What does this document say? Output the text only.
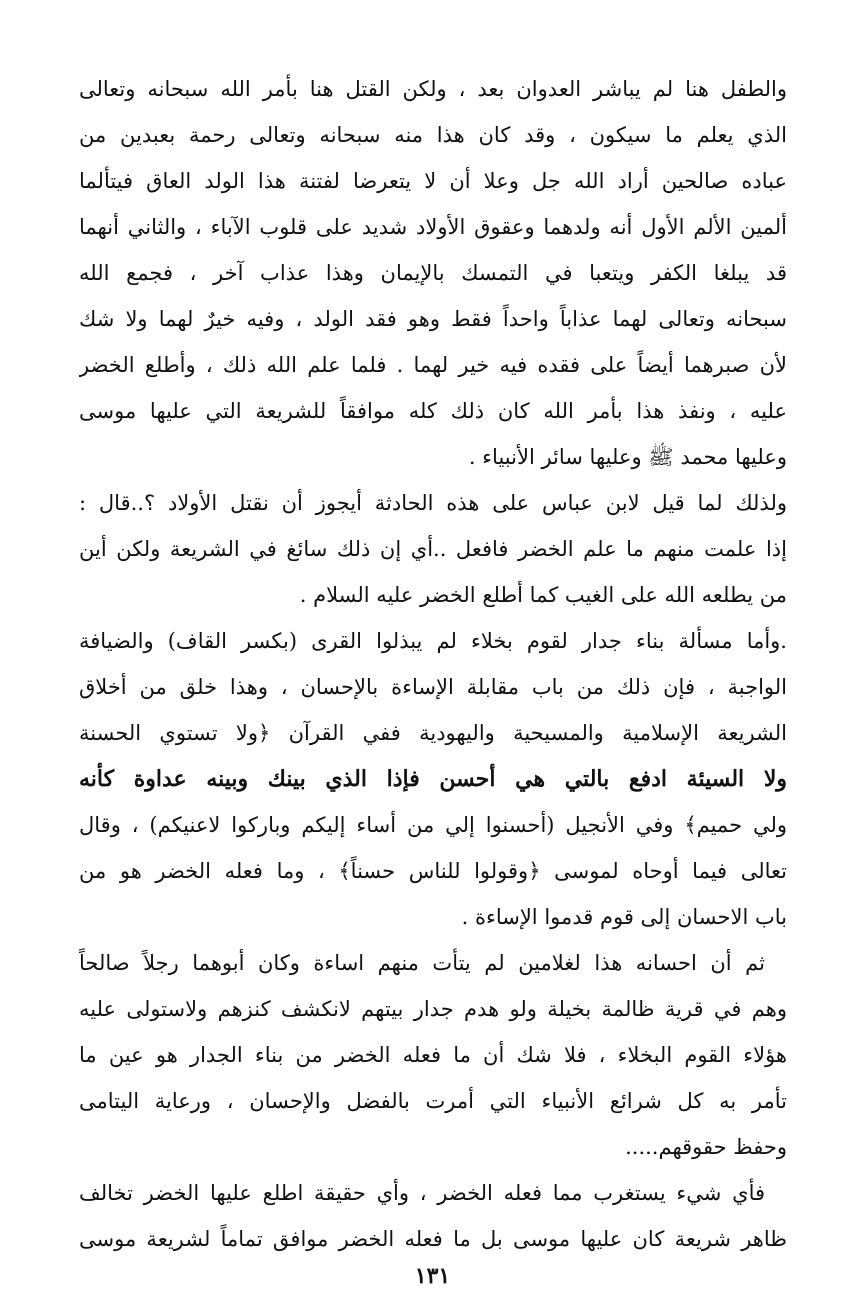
والطفل هنا لم يباشر العدوان بعد ، ولكن القتل هنا بأمر الله سبحانه وتعالى
الذي يعلم ما سيكون ، وقد كان هذا منه سبحانه وتعالى رحمة بعبدين من
عباده صالحين أراد الله جل وعلا أن لا يتعرضا لفتنة هذا الولد العاق فيتألما
ألمين الألم الأول أنه ولدهما وعقوق الأولاد شديد على قلوب الآباء ، والثاني أنهما
قد يبلغا الكفر ويتعبا في التمسك بالإيمان وهذا عذاب آخر ، فجمع الله
سبحانه وتعالى لهما عذاباً واحداً فقط وهو فقد الولد ، وفيه خيرٌ لهما ولا شك
لأن صبرهما أيضاً على فقده فيه خير لهما . فلما علم الله ذلك ، وأطلع الخضر
عليه ، ونفذ هذا بأمر الله كان ذلك كله موافقاً للشريعة التي عليها موسى
وعليها محمد ﷺ وعليها سائر الأنبياء .
ولذلك لما قيل لابن عباس على هذه الحادثة أيجوز أن نقتل الأولاد ؟..قال :
إذا علمت منهم ما علم الخضر فافعل ..أي إن ذلك سائغ في الشريعة ولكن أين
من يطلعه الله على الغيب كما أطلع الخضر عليه السلام .
.وأما مسألة بناء جدار لقوم بخلاء لم يبذلوا القرى (بكسر القاف) والضيافة
الواجبة ، فإن ذلك من باب مقابلة الإساءة بالإحسان ، وهذا خلق من أخلاق
الشريعة الإسلامية والمسيحية واليهودية ففي القرآن ﴿ولا تستوي الحسنة
ولا السيئة ادفع بالتي هي أحسن فإذا الذي بينك وبينه عداوة كأنه
ولي حميم﴾ وفي الأنجيل (أحسنوا إلي من أساء إليكم وباركوا لاعنيكم) ، وقال
تعالى فيما أوحاه لموسى ﴿وقولوا للناس حسناً﴾ ، وما فعله الخضر هو من
باب الاحسان إلى قوم قدموا الإساءة .
ثم أن احسانه هذا لغلامين لم يتأت منهم اساءة وكان أبوهما رجلاً صالحاً
وهم في قرية ظالمة بخيلة ولو هدم جدار بيتهم لانكشف كنزهم ولاستولى عليه
هؤلاء القوم البخلاء ، فلا شك أن ما فعله الخضر من بناء الجدار هو عين ما
تأمر به كل شرائع الأنبياء التي أمرت بالفضل والإحسان ، ورعاية اليتامى
وحفظ حقوقهم.....
١٣١
فأي شيء يستغرب مما فعله الخضر ، وأي حقيقة اطلع عليها الخضر تخالف
ظاهر شريعة كان عليها موسى بل ما فعله الخضر موافق تماماً لشريعة موسى
